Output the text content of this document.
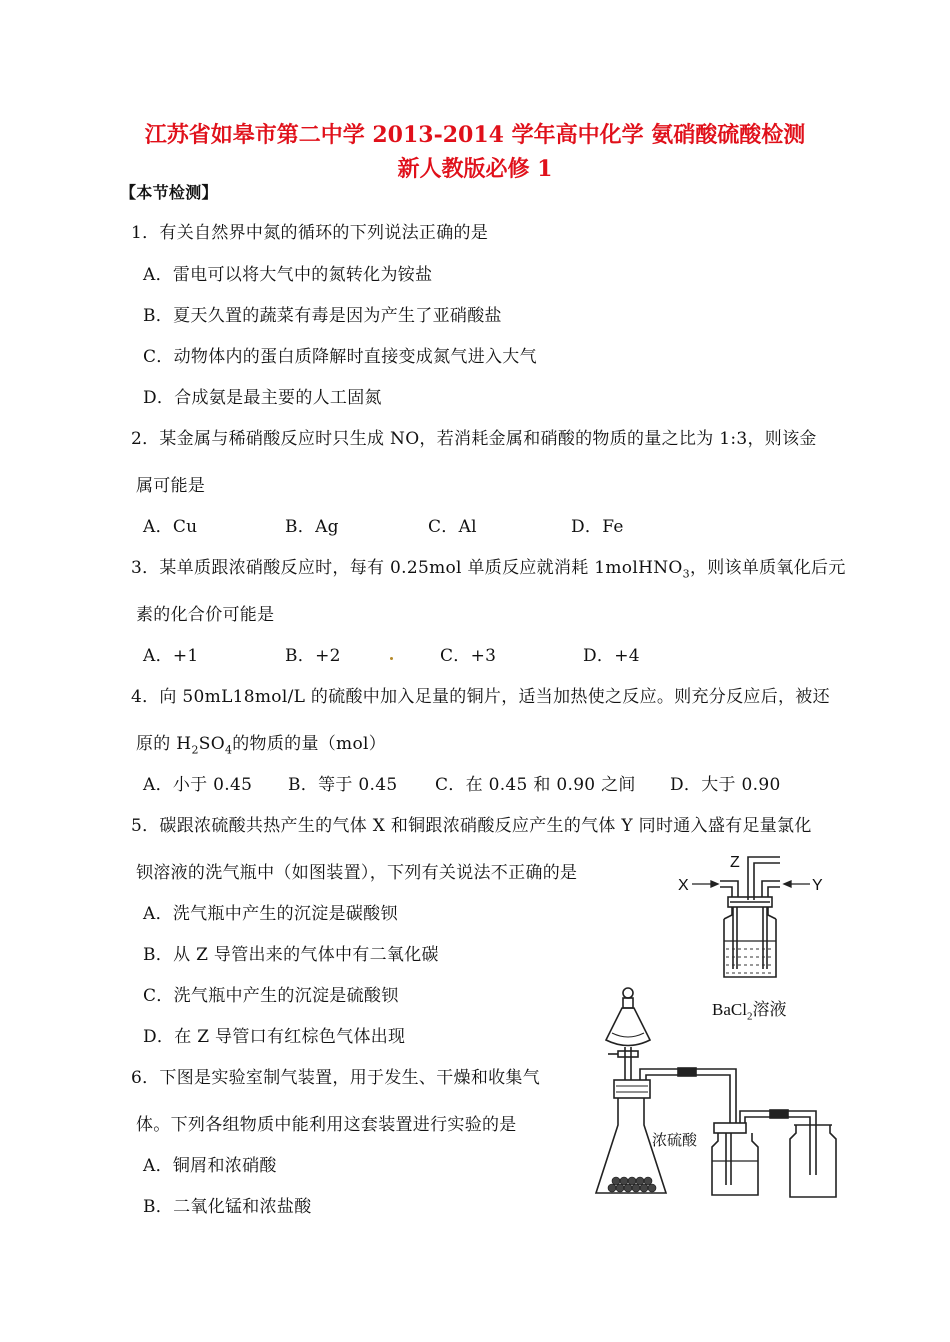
江苏省如皋市第二中学 2013-2014 学年高中化学 氨硝酸硫酸检测
新人教版必修 1
【本节检测】
1．有关自然界中氮的循环的下列说法正确的是
A．雷电可以将大气中的氮转化为铵盐
B．夏天久置的蔬菜有毒是因为产生了亚硝酸盐
C．动物体内的蛋白质降解时直接变成氮气进入大气
D．合成氨是最主要的人工固氮
2．某金属与稀硝酸反应时只生成 NO，若消耗金属和硝酸的物质的量之比为 1:3，则该金
属可能是
A．Cu	B．Ag	C．Al	D．Fe
3．某单质跟浓硝酸反应时，每有 0.25mol 单质反应就消耗 1molHNO$_3$，则该单质氧化后元
素的化合价可能是
A．+1	B．+2	C．+3	D．+4
4．向 50mL18mol/L 的硫酸中加入足量的铜片，适当加热使之反应。则充分反应后，被还
原的 $H_2SO_4$的物质的量（mol）
A．小于 0.45 B．等于 0.45 C．在 0.45 和 0.90 之间 D．大于 0.90
5．碳跟浓硫酸共热产生的气体 X 和铜跟浓硝酸反应产生的气体 Y 同时通入盛有足量氯化
钡溶液的洗气瓶中（如图装置），下列有关说法不正确的是
A．洗气瓶中产生的沉淀是碳酸钡
B．从 Z 导管出来的气体中有二氧化碳
C．洗气瓶中产生的沉淀是硫酸钡
D．在 Z 导管口有红棕色气体出现
X	Y
Z
BaCl$_2$溶液
6．下图是实验室制气装置，用于发生、干燥和收集气
体。下列各组物质中能利用这套装置进行实验的是
A．铜屑和浓硝酸
B．二氧化锰和浓盐酸
浓硫酸
